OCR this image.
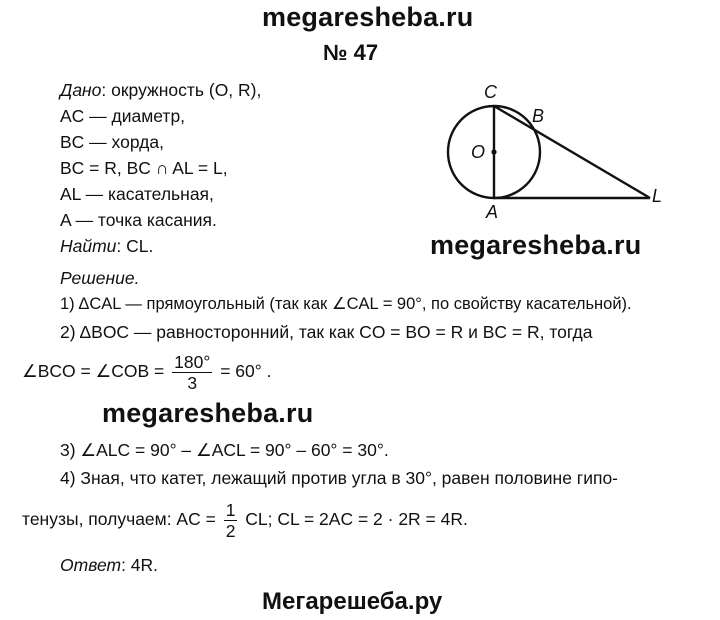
megaresheba.ru
№ 47
Дано: окружность (O, R),
AC — диаметр,
BC — хорда,
BC = R, BC ∩ AL = L,
AL — касательная,
A — точка касания.
Найти: CL.
C
B
O
A
L
megaresheba.ru
Решение.
1) ΔCAL — прямоугольный (так как ∠CAL = 90°, по свойству касательной).
2) ΔBOC — равносторонний, так как CO = BO = R и BC = R, тогда
∠BCO = ∠COB = $\frac{180^\circ}{3} = 60^\circ$ .
megaresheba.ru
3) ∠ALC = 90° – ∠ACL = 90° – 60° = 30°.
4) Зная, что катет, лежащий против угла в 30°, равен половине гипо-
тенузы, получаем: AC = $\frac{1}{2}$ CL; CL = 2AC = 2 · 2R = 4R.
Ответ: 4R.
Мегарешеба.ру
